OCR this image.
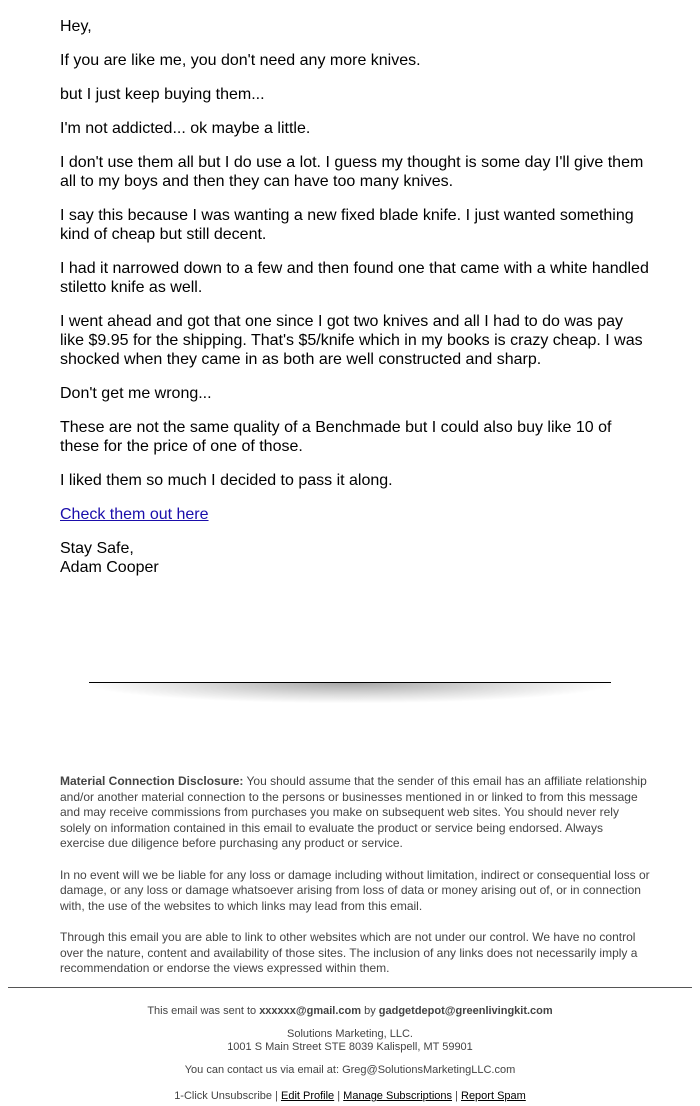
Hey,

If you are like me, you don't need any more knives.

but I just keep buying them...

I'm not addicted... ok maybe a little.

I don't use them all but I do use a lot. I guess my thought is some day I'll give them all to my boys and then they can have too many knives.

I say this because I was wanting a new fixed blade knife. I just wanted something kind of cheap but still decent.

I had it narrowed down to a few and then found one that came with a white handled stiletto knife as well.

I went ahead and got that one since I got two knives and all I had to do was pay like $9.95 for the shipping. That's $5/knife which in my books is crazy cheap. I was shocked when they came in as both are well constructed and sharp.

Don't get me wrong...

These are not the same quality of a Benchmade but I could also buy like 10 of these for the price of one of those.

I liked them so much I decided to pass it along.

Check them out here

Stay Safe,
Adam Cooper

Material Connection Disclosure: You should assume that the sender of this email has an affiliate relationship and/or another material connection to the persons or businesses mentioned in or linked to from this message and may receive commissions from purchases you make on subsequent web sites. You should never rely solely on information contained in this email to evaluate the product or service being endorsed. Always exercise due diligence before purchasing any product or service.

In no event will we be liable for any loss or damage including without limitation, indirect or consequential loss or damage, or any loss or damage whatsoever arising from loss of data or money arising out of, or in connection with, the use of the websites to which links may lead from this email.

Through this email you are able to link to other websites which are not under our control. We have no control over the nature, content and availability of those sites. The inclusion of any links does not necessarily imply a recommendation or endorse the views expressed within them.

This email was sent to xxxxxx@gmail.com by gadgetdepot@greenlivingkit.com
Solutions Marketing, LLC.
1001 S Main Street STE 8039 Kalispell, MT 59901
You can contact us via email at: Greg@SolutionsMarketingLLC.com
1-Click Unsubscribe | Edit Profile | Manage Subscriptions | Report Spam
